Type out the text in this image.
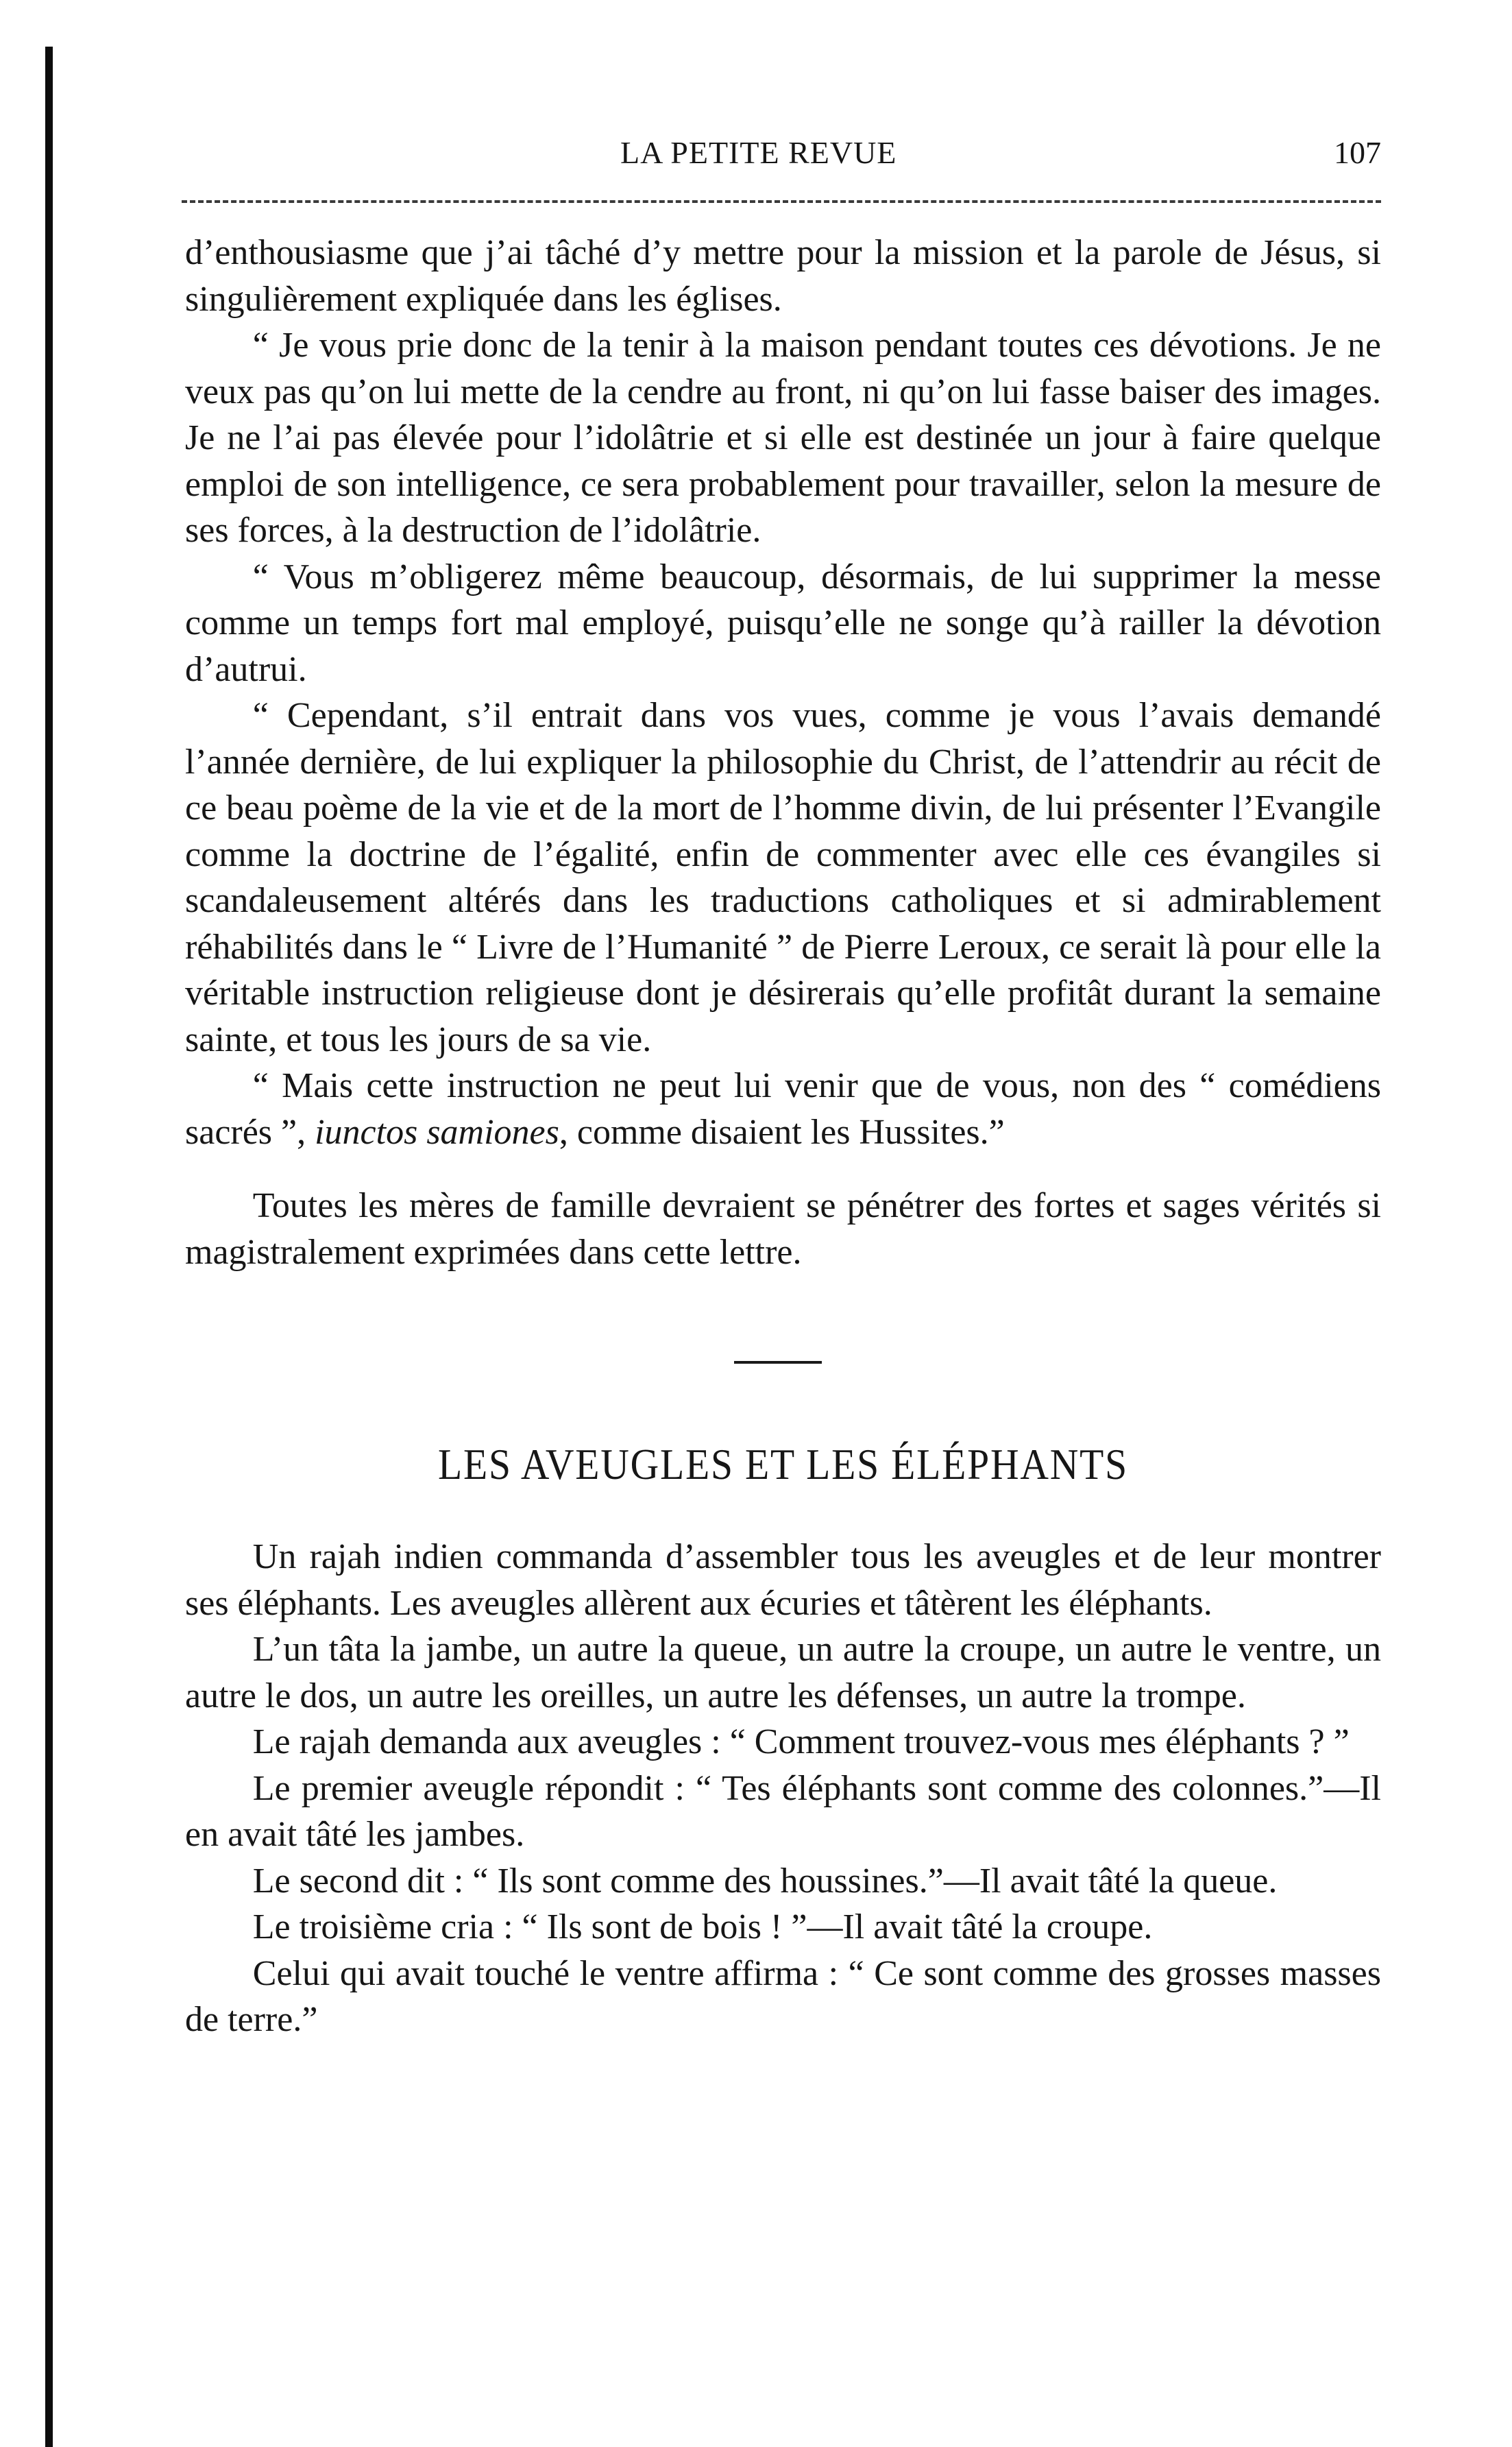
LA PETITE REVUE	107

d’enthousiasme que j’ai tâché d’y mettre pour la mission et la parole de Jésus, si singulièrement expliquée dans les églises.

“ Je vous prie donc de la tenir à la maison pendant toutes ces dévotions. Je ne veux pas qu’on lui mette de la cendre au front, ni qu’on lui fasse baiser des images. Je ne l’ai pas élevée pour l’idolâtrie et si elle est destinée un jour à faire quelque emploi de son intelligence, ce sera probablement pour travailler, selon la mesure de ses forces, à la destruction de l’idolâtrie.

“ Vous m’obligerez même beaucoup, désormais, de lui supprimer la messe comme un temps fort mal employé, puisqu’elle ne songe qu’à railler la dévotion d’autrui.

“ Cependant, s’il entrait dans vos vues, comme je vous l’avais demandé l’année dernière, de lui expliquer la philosophie du Christ, de l’attendrir au récit de ce beau poème de la vie et de la mort de l’homme divin, de lui présenter l’Evangile comme la doctrine de l’égalité, enfin de commenter avec elle ces évangiles si scandaleusement altérés dans les traductions catholiques et si admirablement réhabilités dans le “ Livre de l’Humanité ” de Pierre Leroux, ce serait là pour elle la véritable instruction religieuse dont je désirerais qu’elle profitât durant la semaine sainte, et tous les jours de sa vie.

“ Mais cette instruction ne peut lui venir que de vous, non des “ comédiens sacrés ”, iunctos samiones, comme disaient les Hussites.”

Toutes les mères de famille devraient se pénétrer des fortes et sages vérités si magistralement exprimées dans cette lettre.

LES AVEUGLES ET LES ÉLÉPHANTS

Un rajah indien commanda d’assembler tous les aveugles et de leur montrer ses éléphants. Les aveugles allèrent aux écuries et tâtèrent les éléphants.

L’un tâta la jambe, un autre la queue, un autre la croupe, un autre le ventre, un autre le dos, un autre les oreilles, un autre les défenses, un autre la trompe.

Le rajah demanda aux aveugles : “ Comment trouvez-vous mes éléphants ? ”

Le premier aveugle répondit : “ Tes éléphants sont comme des colonnes.”—Il en avait tâté les jambes.

Le second dit : “ Ils sont comme des houssines.”—Il avait tâté la queue.

Le troisième cria : “ Ils sont de bois ! ”—Il avait tâté la croupe.

Celui qui avait touché le ventre affirma : “ Ce sont comme des grosses masses de terre.”
